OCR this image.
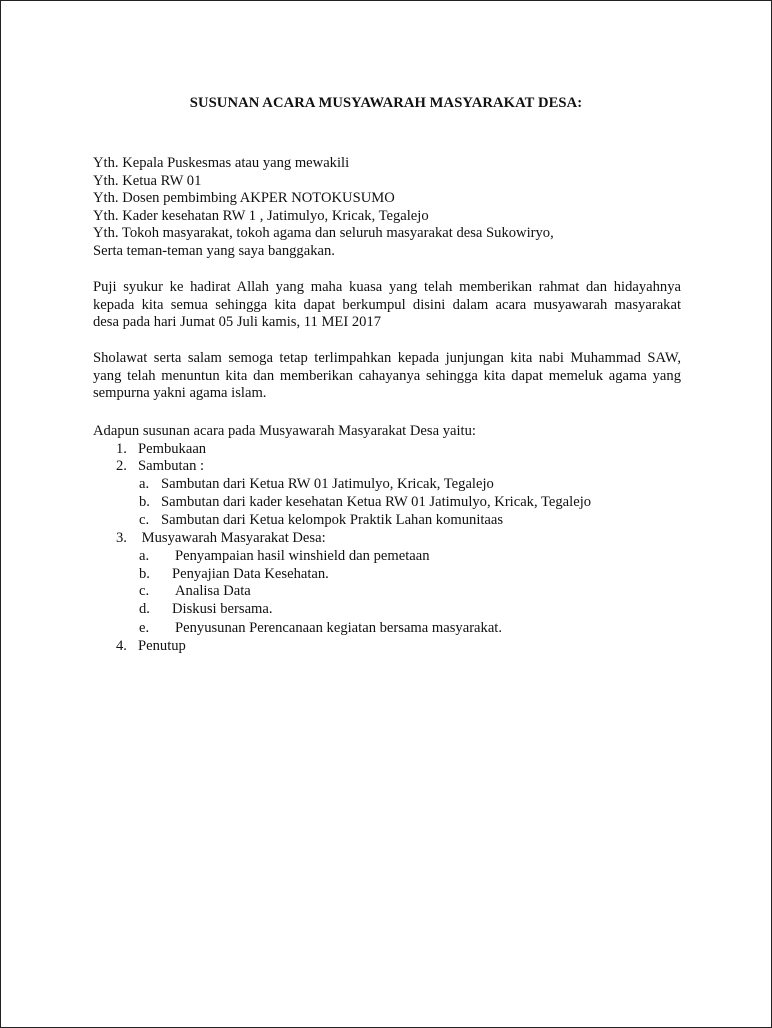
SUSUNAN ACARA MUSYAWARAH MASYARAKAT DESA:
Yth. Kepala Puskesmas atau yang mewakili
Yth. Ketua RW 01
Yth. Dosen pembimbing AKPER NOTOKUSUMO
Yth. Kader kesehatan RW 1 , Jatimulyo, Kricak, Tegalejo
Yth. Tokoh masyarakat, tokoh agama dan seluruh masyarakat desa Sukowiryo,
Serta teman-teman yang saya banggakan.
Puji syukur ke hadirat Allah yang maha kuasa yang telah memberikan rahmat dan hidayahnya
kepada kita semua sehingga kita dapat berkumpul disini dalam acara musyawarah masyarakat
desa pada hari Jumat 05 Juli kamis, 11 MEI 2017
Sholawat serta salam semoga tetap terlimpahkan kepada junjungan kita nabi Muhammad SAW,
yang telah menuntun kita dan memberikan cahayanya sehingga kita dapat memeluk agama yang
sempurna yakni agama islam.
Adapun susunan acara pada Musyawarah Masyarakat Desa yaitu:
1. Pembukaan
2. Sambutan :
a. Sambutan dari Ketua RW 01 Jatimulyo, Kricak, Tegalejo
b. Sambutan dari kader kesehatan Ketua RW 01 Jatimulyo, Kricak, Tegalejo
c. Sambutan dari Ketua kelompok Praktik Lahan komunitaas
3. Musyawarah Masyarakat Desa:
a. Penyampaian hasil winshield dan pemetaan
b. Penyajian Data Kesehatan.
c. Analisa Data
d. Diskusi bersama.
e. Penyusunan Perencanaan kegiatan bersama masyarakat.
4. Penutup
